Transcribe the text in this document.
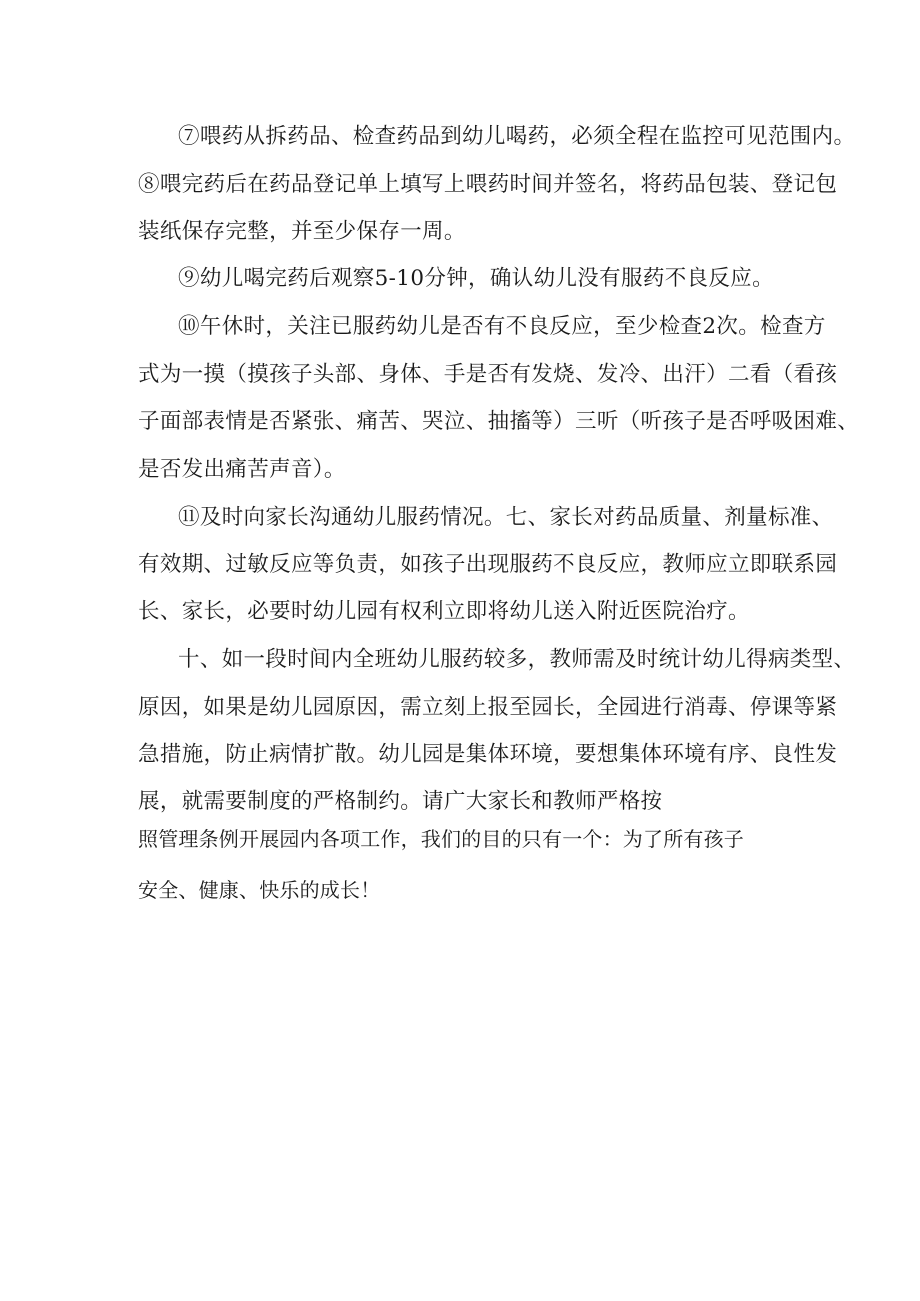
⑦喂药从拆药品、检查药品到幼儿喝药，必须全程在监控可见范围内。
⑧喂完药后在药品登记单上填写上喂药时间并签名，将药品包装、登记包
装纸保存完整，并至少保存一周。
⑨幼儿喝完药后观察5-10分钟，确认幼儿没有服药不良反应。
⑩午休时，关注已服药幼儿是否有不良反应，至少检查2次。检查方
式为一摸（摸孩子头部、身体、手是否有发烧、发冷、出汗）二看（看孩
子面部表情是否紧张、痛苦、哭泣、抽搐等）三听（听孩子是否呼吸困难、
是否发出痛苦声音）。
⑪及时向家长沟通幼儿服药情况。七、家长对药品质量、剂量标准、
有效期、过敏反应等负责，如孩子出现服药不良反应，教师应立即联系园
长、家长，必要时幼儿园有权利立即将幼儿送入附近医院治疗。
十、如一段时间内全班幼儿服药较多，教师需及时统计幼儿得病类型、
原因，如果是幼儿园原因，需立刻上报至园长，全园进行消毒、停课等紧
急措施，防止病情扩散。幼儿园是集体环境，要想集体环境有序、良性发
展，就需要制度的严格制约。请广大家长和教师严格按
照管理条例开展园内各项工作，我们的目的只有一个：为了所有孩子
安全、健康、快乐的成长！
